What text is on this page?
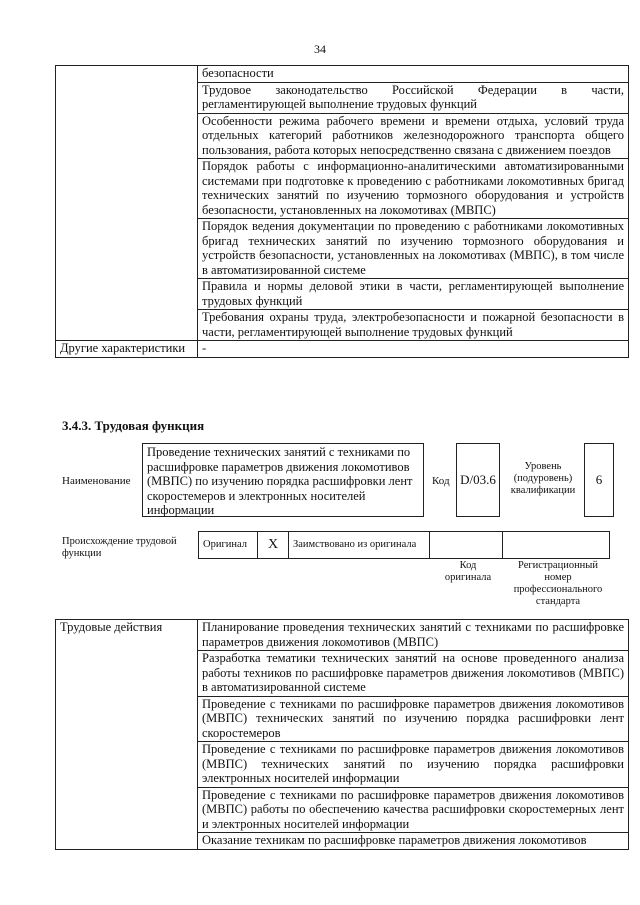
34
	безопасности
	Трудовое законодательство Российской Федерации в части, регламентирующей выполнение трудовых функций
	Особенности режима рабочего времени и времени отдыха, условий труда отдельных категорий работников железнодорожного транспорта общего пользования, работа которых непосредственно связана с движением поездов
	Порядок работы с информационно-аналитическими автоматизированными системами при подготовке к проведению с работниками локомотивных бригад технических занятий по изучению тормозного оборудования и устройств безопасности, установленных на локомотивах (МВПС)
	Порядок ведения документации по проведению с работниками локомотивных бригад технических занятий по изучению тормозного оборудования и устройств безопасности, установленных на локомотивах (МВПС), в том числе в автоматизированной системе
	Правила и нормы деловой этики в части, регламентирующей выполнение трудовых функций
	Требования охраны труда, электробезопасности и пожарной безопасности в части, регламентирующей выполнение трудовых функций
Другие характеристики	-
3.4.3. Трудовая функция
Наименование
Проведение технических занятий с техниками по расшифровке параметров движения локомотивов (МВПС) по изучению порядка расшифровки лент скоростемеров и электронных носителей информации
Код D/03.6
Уровень (подуровень) квалификации
6
Происхождение трудовой функции
Оригинал	X	Заимствовано из оригинала
Код оригинала
Регистрационный номер профессионального стандарта
Трудовые действия	Планирование проведения технических занятий с техниками по расшифровке параметров движения локомотивов (МВПС)
Разработка тематики технических занятий на основе проведенного анализа работы техников по расшифровке параметров движения локомотивов (МВПС) в автоматизированной системе
Проведение с техниками по расшифровке параметров движения локомотивов (МВПС) технических занятий по изучению порядка расшифровки лент скоростемеров
Проведение с техниками по расшифровке параметров движения локомотивов (МВПС) технических занятий по изучению порядка расшифровки электронных носителей информации
Проведение с техниками по расшифровке параметров движения локомотивов (МВПС) работы по обеспечению качества расшифровки скоростемерных лент и электронных носителей информации
Оказание техникам по расшифровке параметров движения локомотивов
